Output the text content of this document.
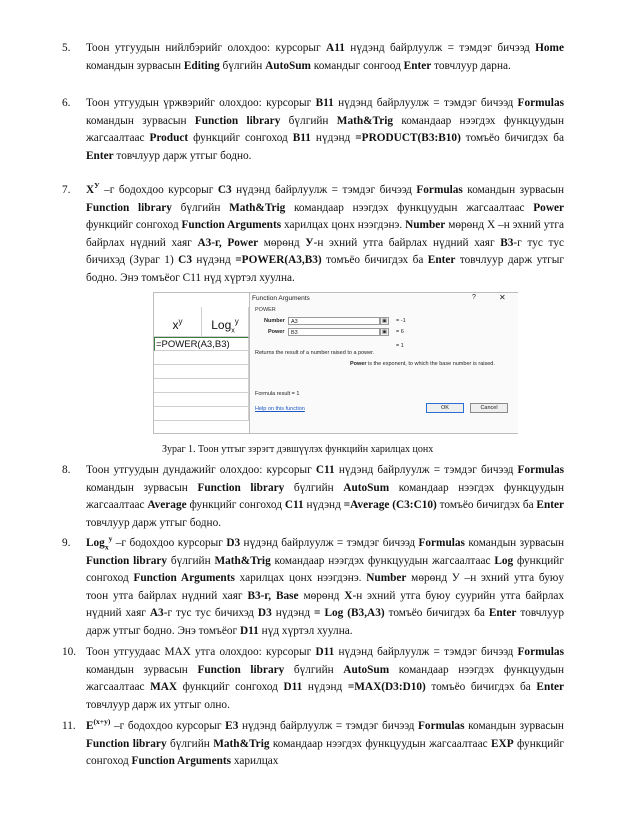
5. Тоон утгуудын нийлбэрийг олоxдоо: курсорыг A11 нүдэнд байрлуулж = тэмдэг бичээд Home командын зурвасын Editing бүлгийн AutoSum командыг сонгоод Enter товчлуур дарна.
6. Тоон утгуудын үржвэрийг олоxдоо: курсорыг B11 нүдэнд байрлуулж = тэмдэг бичээд Formulas командын зурвасын Function library бүлгийн Math&Trig командаар нээгдэх функцуудын жагсаалтаас Product функцийг сонгоход B11 нүдэнд =PRODUCT(B3:B10) томъёо бичигдэх ба Enter товчлуур дарж утгыг бодно.
7. $X^У$ –г бодохдоо курсорыг C3 нүдэнд байрлуулж = тэмдэг бичээд Formulas командын зурвасын Function library бүлгийн Math&Trig командаар нээгдэх функцуудын жагсаалтаас Power функцийг сонгоход Function Arguments харилцах цонх нээгдэнэ. Number мөрөнд Х –н эхний утга байрлах нүдний хаяг A3-г, Power мөрөнд У-н эхний утга байрлах нүдний хаяг B3-г тус тус бичихэд (Зураг 1) C3 нүдэнд =POWER(A3,B3) томъёо бичигдэх ба Enter товчлуур дарж утгыг бодно. Энэ томъёог C11 нүд хүртэл хуулна.
8. Тоон утгуудын дундажийг олоxдоо: курсорыг C11 нүдэнд байрлуулж = тэмдэг бичээд Formulas командын зурвасын Function library бүлгийн AutoSum командаар нээгдэх функцуудын жагсаалтаас Average функцийг сонгоход C11 нүдэнд =Average (C3:C10) томъёо бичигдэх ба Enter товчлуур дарж утгыг бодно.
9. Log$_x^y$ –г бодохдоо курсорыг D3 нүдэнд байрлуулж = тэмдэг бичээд Formulas командын зурвасын Function library бүлгийн Math&Trig командаар нээгдэх функцуудын жагсаалтаас Log функцийг сонгоход Function Arguments харилцах цонх нээгдэнэ. Number мөрөнд У –н эхний утга буюу тоон утга байрлах нүдний хаяг B3-г, Base мөрөнд X-н эхний утга буюу суурийн утга байрлах нүдний хаяг A3-г тус тус бичихэд D3 нүдэнд = Log (B3,A3) томъёо бичигдэх ба Enter товчлуур дарж утгыг бодно. Энэ томъёог D11 нүд хүртэл хуулна.
10. Тоон утгуудаас MAX утга олохдоо: курсорыг D11 нүдэнд байрлуулж = тэмдэг бичээд Formulas командын зурвасын Function library бүлгийн AutoSum командаар нээгдэх функцуудын жагсаалтаас MAX функцийг сонгоход D11 нүдэнд =MAX(D3:D10) томъёо бичигдэх ба Enter товчлуур дарж их утгыг олно.
11. $E^{(x+y)}$ –г бодохдоо курсорыг E3 нүдэнд байрлуулж = тэмдэг бичээд Formulas командын зурвасын Function library бүлгийн Math&Trig командаар нээгдэх функцуудын жагсаалтаас EXP функцийг сонгоход Function Arguments харилцах
$x^y$	Log$_x^y$
=POWER(A3,B3)
Function Arguments	?	✕
POWER
Number	A3	▣	= -1
Power	B3	▣	= 6
= 1
Returns the result of a number raised to a power.
Power is the exponent, to which the base number is raised.
Formula result = 1
Help on this function	OK	Cancel
Зураг 1. Тоон утгыг зэрэгт дэвшүүлэх функцийн харилцах цонх
